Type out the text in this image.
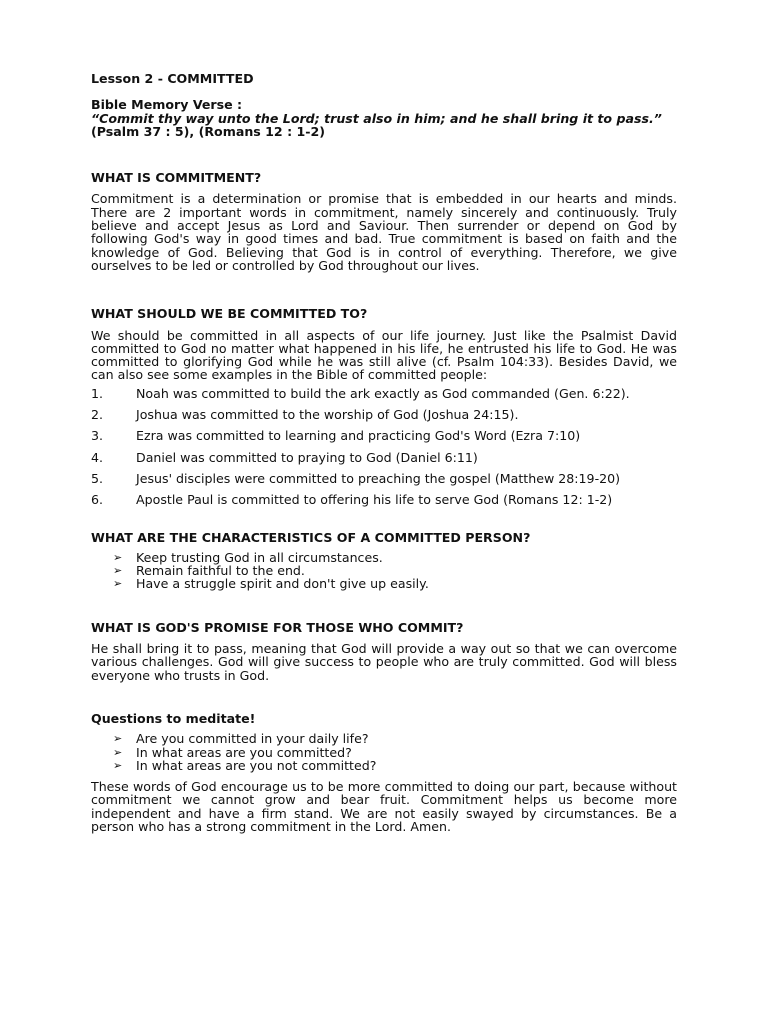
Lesson 2 - COMMITTED

Bible Memory Verse :

“Commit thy way unto the Lord; trust also in him; and he shall bring it to pass.”

(Psalm 37 : 5), (Romans 12 : 1-2)

WHAT IS COMMITMENT?

Commitment is a determination or promise that is embedded in our hearts and minds. There are 2 important words in commitment, namely sincerely and continuously. Truly believe and accept Jesus as Lord and Saviour. Then surrender or depend on God by following God's way in good times and bad. True commitment is based on faith and the knowledge of God. Believing that God is in control of everything. Therefore, we give ourselves to be led or controlled by God throughout our lives.

WHAT SHOULD WE BE COMMITTED TO?

We should be committed in all aspects of our life journey. Just like the Psalmist David committed to God no matter what happened in his life, he entrusted his life to God. He was committed to glorifying God while he was still alive (cf. Psalm 104:33). Besides David, we can also see some examples in the Bible of committed people:

1.	Noah was committed to build the ark exactly as God commanded (Gen. 6:22).
2.	Joshua was committed to the worship of God (Joshua 24:15).
3.	Ezra was committed to learning and practicing God's Word (Ezra 7:10)
4.	Daniel was committed to praying to God (Daniel 6:11)
5.	Jesus' disciples were committed to preaching the gospel (Matthew 28:19-20)
6.	Apostle Paul is committed to offering his life to serve God (Romans 12: 1-2)

WHAT ARE THE CHARACTERISTICS OF A COMMITTED PERSON?

➢	Keep trusting God in all circumstances.
➢	Remain faithful to the end.
➢	Have a struggle spirit and don't give up easily.

WHAT IS GOD'S PROMISE FOR THOSE WHO COMMIT?

He shall bring it to pass, meaning that God will provide a way out so that we can overcome various challenges. God will give success to people who are truly committed. God will bless everyone who trusts in God.

Questions to meditate!

➢	Are you committed in your daily life?
➢	In what areas are you committed?
➢	In what areas are you not committed?

These words of God encourage us to be more committed to doing our part, because without commitment we cannot grow and bear fruit. Commitment helps us become more independent and have a firm stand. We are not easily swayed by circumstances. Be a person who has a strong commitment in the Lord. Amen.
